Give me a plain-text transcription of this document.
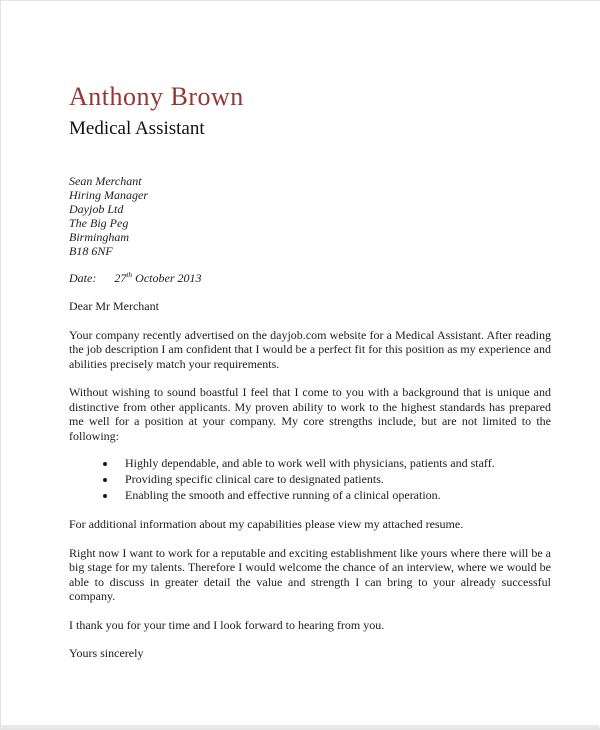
Anthony Brown
Medical Assistant
Sean Merchant
Hiring Manager
Dayjob Ltd
The Big Peg
Birmingham
B18 6NF
Date: 27th October 2013

Dear Mr Merchant

Your company recently advertised on the dayjob.com website for a Medical Assistant. After reading the job description I am confident that I would be a perfect fit for this position as my experience and abilities precisely match your requirements.

Without wishing to sound boastful I feel that I come to you with a background that is unique and distinctive from other applicants. My proven ability to work to the highest standards has prepared me well for a position at your company. My core strengths include, but are not limited to the following:

• Highly dependable, and able to work well with physicians, patients and staff.
• Providing specific clinical care to designated patients.
• Enabling the smooth and effective running of a clinical operation.

For additional information about my capabilities please view my attached resume.

Right now I want to work for a reputable and exciting establishment like yours where there will be a big stage for my talents. Therefore I would welcome the chance of an interview, where we would be able to discuss in greater detail the value and strength I can bring to your already successful company.

I thank you for your time and I look forward to hearing from you.

Yours sincerely
